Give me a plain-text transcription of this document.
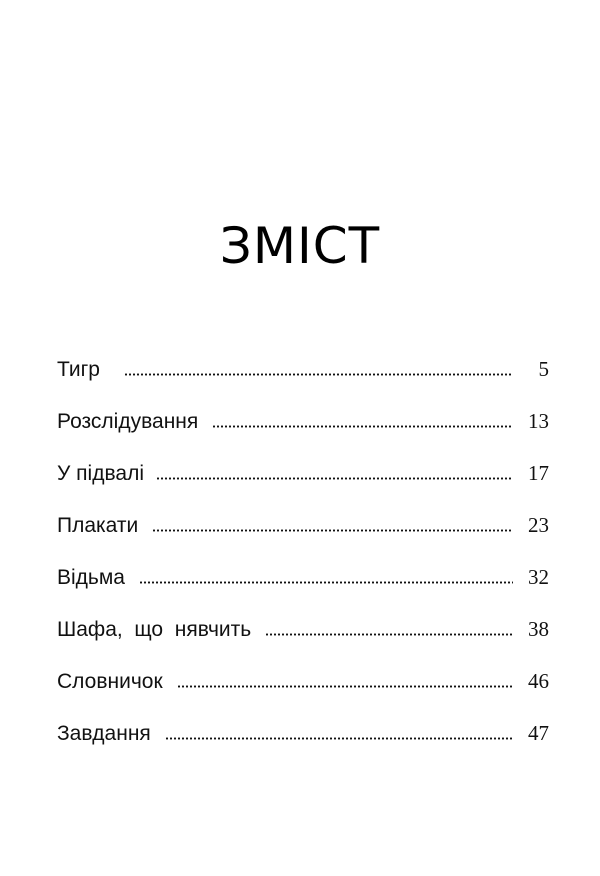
ЗМІСТ
Тигр	5
Розслідування	13
У підвалі	17
Плакати	23
Відьма	32
Шафа,  що  нявчить	38
Словничок	46
Завдання	47
